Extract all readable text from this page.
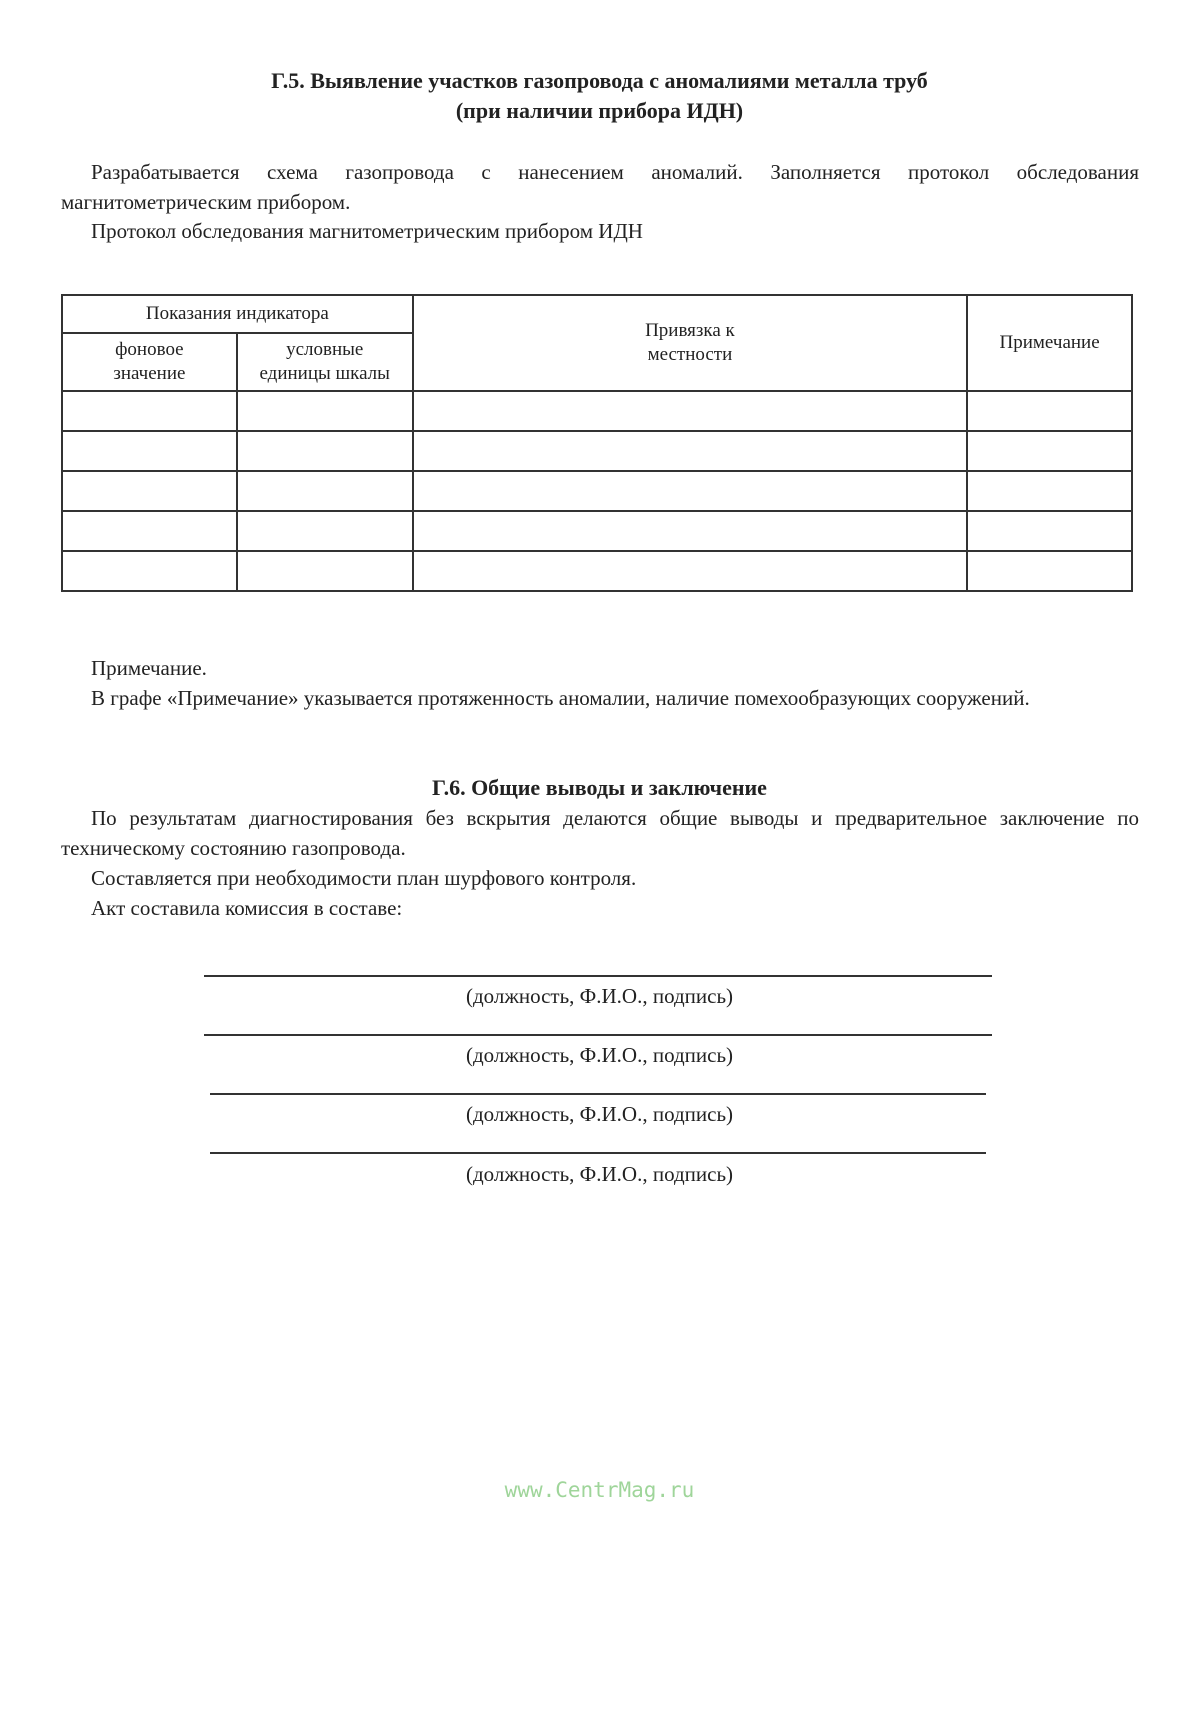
Г.5. Выявление участков газопровода с аномалиями металла труб
(при наличии прибора ИДН)
Разрабатывается схема газопровода с нанесением аномалий. Заполняется протокол обследования магнитометрическим прибором.
Протокол обследования магнитометрическим прибором ИДН
Показания индикатора		Привязка к местности	Примечание
фоновое значение	условные единицы шкалы		

Примечание.
В графе «Примечание» указывается протяженность аномалии, наличие помехообразующих сооружений.
Г.6. Общие выводы и заключение
По результатам диагностирования без вскрытия делаются общие выводы и предварительное заключение по техническому состоянию газопровода.
Составляется при необходимости план шурфового контроля.
Акт составила комиссия в составе:
(должность, Ф.И.О., подпись)
(должность, Ф.И.О., подпись)
(должность, Ф.И.О., подпись)
(должность, Ф.И.О., подпись)
www.CentrMag.ru
